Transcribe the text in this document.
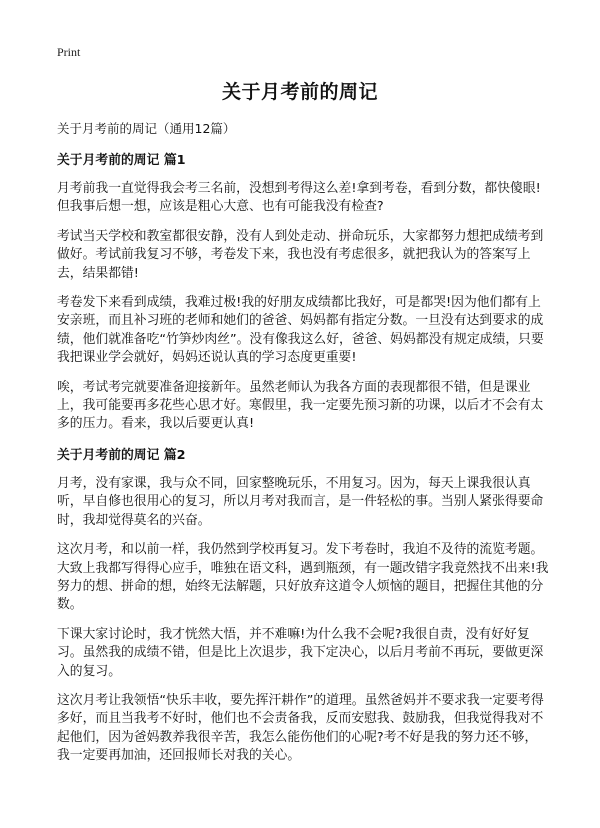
Print
关于月考前的周记
关于月考前的周记（通用12篇）
关于月考前的周记 篇1

月考前我一直觉得我会考三名前，没想到考得这么差!拿到考卷，看到分数，都快傻眼!但我事后想一想，应该是粗心大意、也有可能我没有检查?

考试当天学校和教室都很安静，没有人到处走动、拼命玩乐，大家都努力想把成绩考到做好。考试前我复习不够，考卷发下来，我也没有考虑很多，就把我认为的答案写上去，结果都错!

考卷发下来看到成绩，我难过极!我的好朋友成绩都比我好，可是都哭!因为他们都有上安亲班，而且补习班的老师和她们的爸爸、妈妈都有指定分数。一旦没有达到要求的成绩，他们就准备吃“竹笋炒肉丝”。没有像我这么好，爸爸、妈妈都没有规定成绩，只要我把课业学会就好，妈妈还说认真的学习态度更重要!

唉，考试考完就要准备迎接新年。虽然老师认为我各方面的表现都很不错，但是课业上，我可能要再多花些心思才好。寒假里，我一定要先预习新的功课，以后才不会有太多的压力。看来，我以后要更认真!

关于月考前的周记 篇2

月考，没有家课，我与众不同，回家整晚玩乐，不用复习。因为，每天上课我很认真听，早自修也很用心的复习，所以月考对我而言，是一件轻松的事。当别人紧张得要命时，我却觉得莫名的兴奋。

这次月考，和以前一样，我仍然到学校再复习。发下考卷时，我迫不及待的流览考题。大致上我都写得得心应手，唯独在语文科，遇到瓶颈，有一题改错字我竟然找不出来!我努力的想、拼命的想，始终无法解题，只好放弃这道令人烦恼的题目，把握住其他的分数。

下课大家讨论时，我才恍然大悟，并不难嘛!为什么我不会呢?我很自责，没有好好复习。虽然我的成绩不错，但是比上次退步，我下定决心，以后月考前不再玩，要做更深入的复习。

这次月考让我领悟“快乐丰收，要先挥汗耕作”的道理。虽然爸妈并不要求我一定要考得多好，而且当我考不好时，他们也不会责备我，反而安慰我、鼓励我，但我觉得我对不起他们，因为爸妈教养我很辛苦，我怎么能伤他们的心呢?考不好是我的努力还不够，我一定要再加油，还回报师长对我的关心。
